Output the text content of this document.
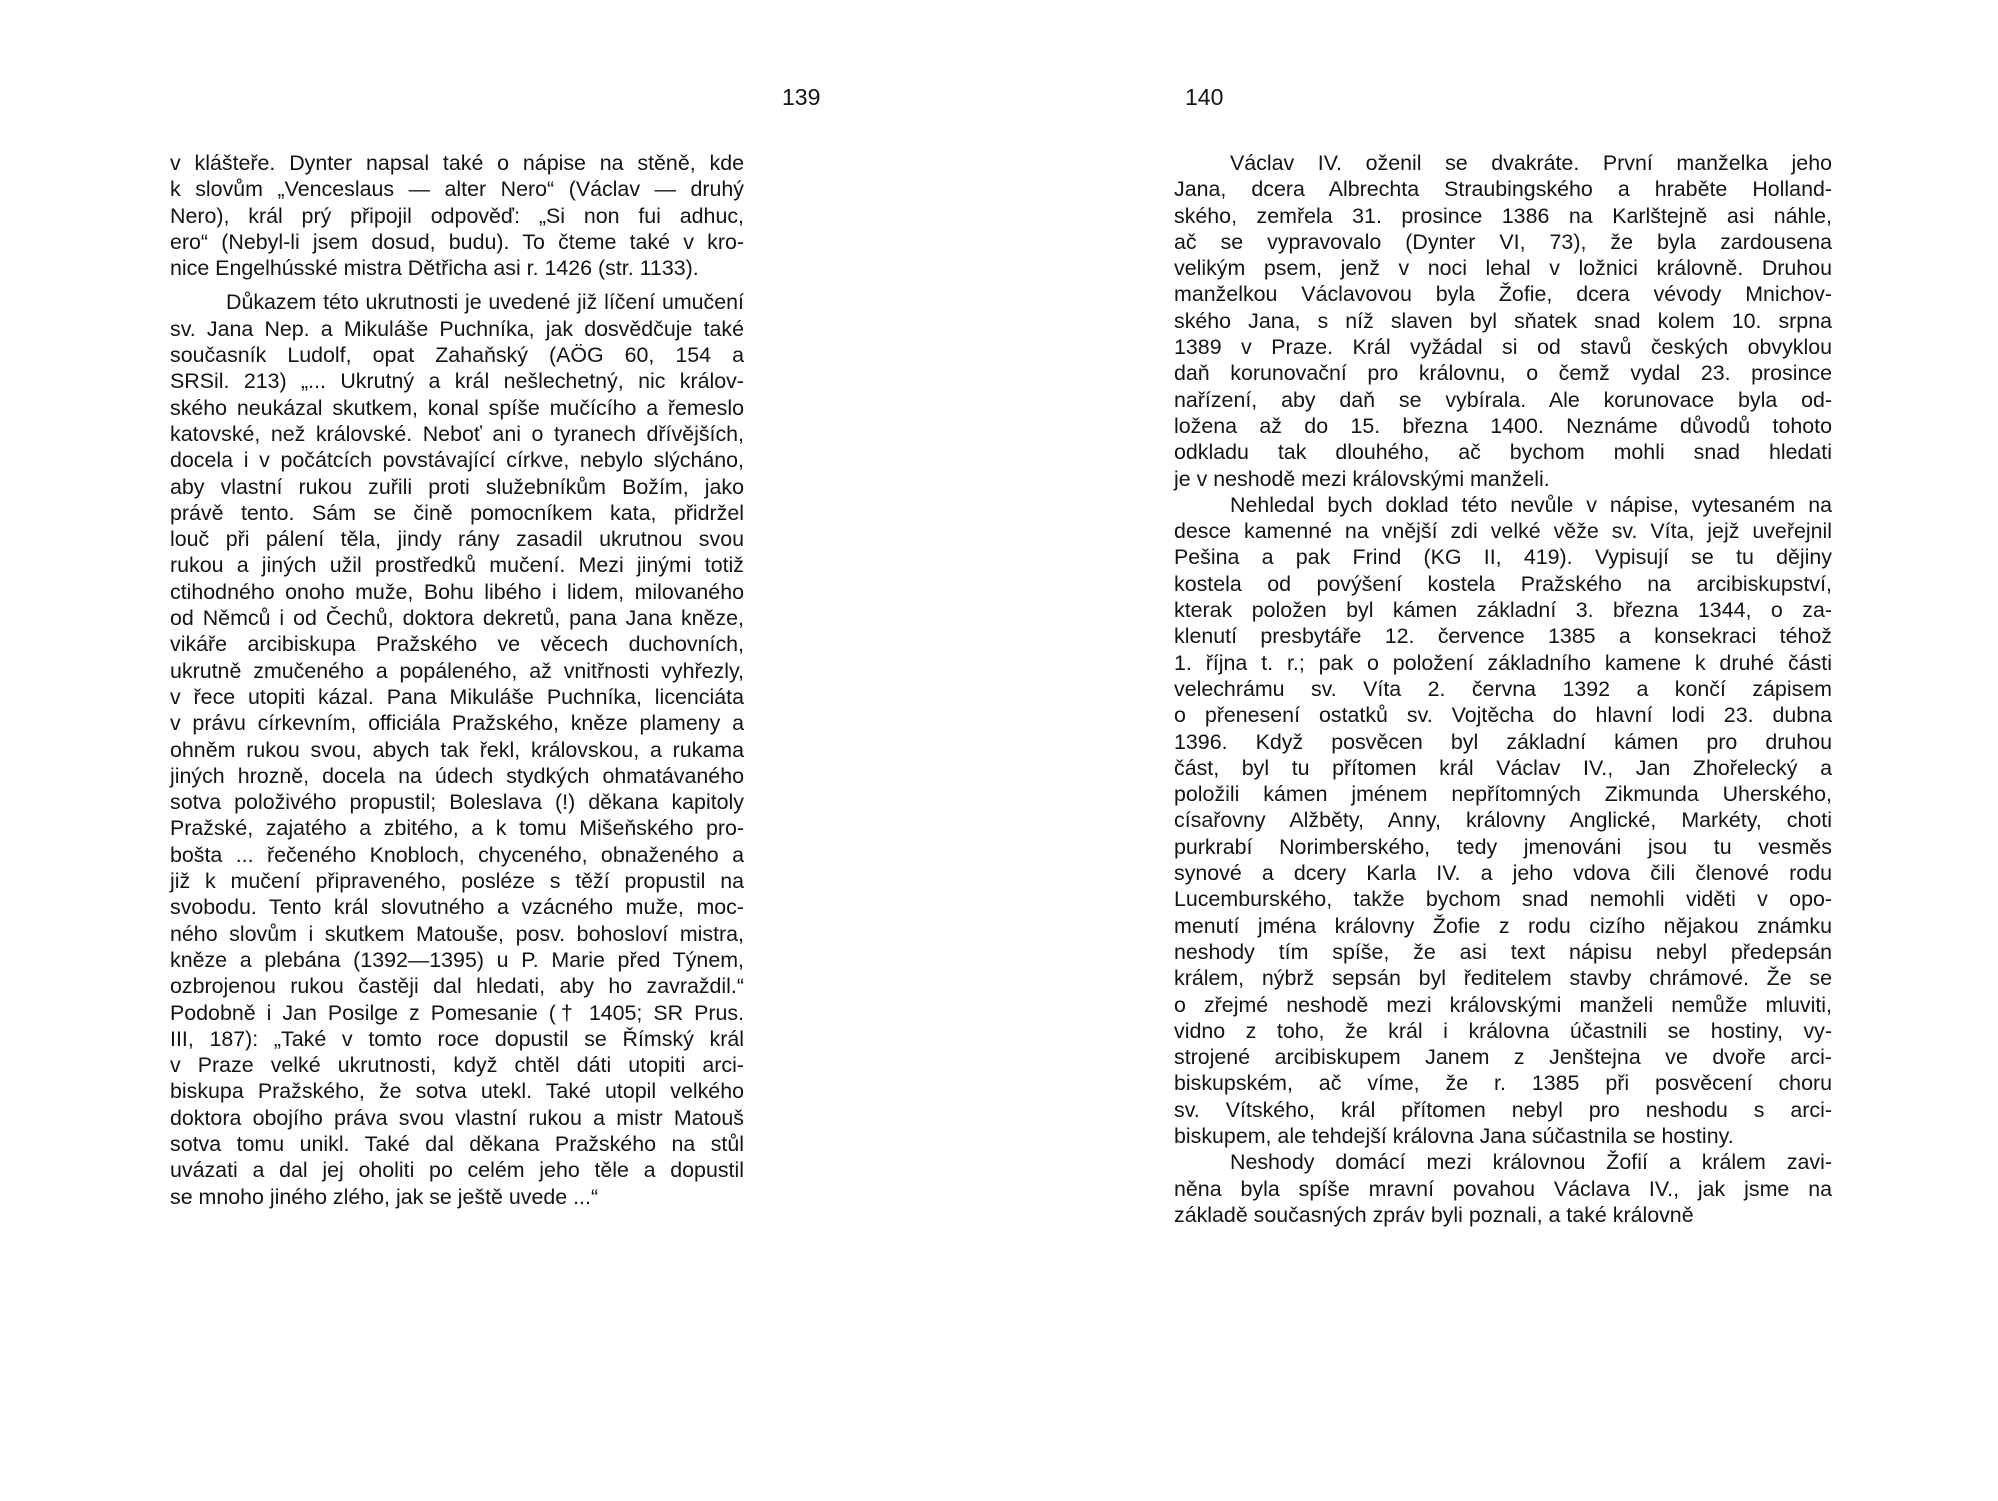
139
v klášteře. Dynter napsal také o nápise na stěně, kde
k slovům „Venceslaus — alter Nero“ (Václav — druhý
Nero), král prý připojil odpověď: „Si non fui adhuc,
ero“ (Nebyl-li jsem dosud, budu). To čteme také v kro-
nice Engelhússké mistra Dětřicha asi r. 1426 (str. 1133).
Důkazem této ukrutnosti je uvedené již líčení umučení
sv. Jana Nep. a Mikuláše Puchníka, jak dosvědčuje také
současník Ludolf, opat Zahaňský (AÖG 60, 154 a
SRSil. 213) „... Ukrutný a král nešlechetný, nic králov-
ského neukázal skutkem, konal spíše mučícího a řemeslo
katovské, než královské. Neboť ani o tyranech dřívějších,
docela i v počátcích povstávající církve, nebylo slýcháno,
aby vlastní rukou zuřili proti služebníkům Božím, jako
právě tento. Sám se čině pomocníkem kata, přidržel
louč při pálení těla, jindy rány zasadil ukrutnou svou
rukou a jiných užil prostředků mučení. Mezi jinými totiž
ctihodného onoho muže, Bohu libého i lidem, milovaného
od Němců i od Čechů, doktora dekretů, pana Jana kněze,
vikáře arcibiskupa Pražského ve věcech duchovních,
ukrutně zmučeného a popáleného, až vnitřnosti vyhřezly,
v řece utopiti kázal. Pana Mikuláše Puchníka, licenciáta
v právu církevním, officiála Pražského, kněze plameny a
ohněm rukou svou, abych tak řekl, královskou, a rukama
jiných hrozně, docela na údech stydkých ohmatávaného
sotva položivého propustil; Boleslava (!) děkana kapitoly
Pražské, zajatého a zbitého, a k tomu Mišeňského pro-
bošta ... řečeného Knobloch, chyceného, obnaženého a
již k mučení připraveného, posléze s těží propustil na
svobodu. Tento král slovutného a vzácného muže, moc-
ného slovům i skutkem Matouše, posv. bohosloví mistra,
kněze a plebána (1392—1395) u P. Marie před Týnem,
ozbrojenou rukou častěji dal hledati, aby ho zavraždil.“
Podobně i Jan Posilge z Pomesanie († 1405; SR Prus.
III, 187): „Také v tomto roce dopustil se Římský král
v Praze velké ukrutnosti, když chtěl dáti utopiti arci-
biskupa Pražského, že sotva utekl. Také utopil velkého
doktora obojího práva svou vlastní rukou a mistr Matouš
sotva tomu unikl. Také dal děkana Pražského na stůl
uvázati a dal jej oholiti po celém jeho těle a dopustil
se mnoho jiného zlého, jak se ještě uvede ...“
140
Václav IV. oženil se dvakráte. První manželka jeho
Jana, dcera Albrechta Straubingského a hraběte Holland-
ského, zemřela 31. prosince 1386 na Karlštejně asi náhle,
ač se vypravovalo (Dynter VI, 73), že byla zardousena
velikým psem, jenž v noci lehal v ložnici královně. Druhou
manželkou Václavovou byla Žofie, dcera vévody Mnichov-
ského Jana, s níž slaven byl sňatek snad kolem 10. srpna
1389 v Praze. Král vyžádal si od stavů českých obvyklou
daň korunovační pro královnu, o čemž vydal 23. prosince
nařízení, aby daň se vybírala. Ale korunovace byla od-
ložena až do 15. března 1400. Neznáme důvodů tohoto
odkladu tak dlouhého, ač bychom mohli snad hledati
je v neshodě mezi královskými manželi.
Nehledal bych doklad této nevůle v nápise, vytesaném na
desce kamenné na vnější zdi velké věže sv. Víta, jejž uveřejnil
Pešina a pak Frind (KG II, 419). Vypisují se tu dějiny
kostela od povýšení kostela Pražského na arcibiskupství,
kterak položen byl kámen základní 3. března 1344, o za-
klenutí presbytáře 12. července 1385 a konsekraci téhož
1. října t. r.; pak o položení základního kamene k druhé části
velechrámu sv. Víta 2. června 1392 a končí zápisem
o přenesení ostatků sv. Vojtěcha do hlavní lodi 23. dubna
1396. Když posvěcen byl základní kámen pro druhou
část, byl tu přítomen král Václav IV., Jan Zhořelecký a
položili kámen jménem nepřítomných Zikmunda Uherského,
císařovny Alžběty, Anny, královny Anglické, Markéty, choti
purkrabí Norimberského, tedy jmenováni jsou tu vesměs
synové a dcery Karla IV. a jeho vdova čili členové rodu
Lucemburského, takže bychom snad nemohli viděti v opo-
menutí jména královny Žofie z rodu cizího nějakou známku
neshody tím spíše, že asi text nápisu nebyl předepsán
králem, nýbrž sepsán byl ředitelem stavby chrámové. Že se
o zřejmé neshodě mezi královskými manželi nemůže mluviti,
vidno z toho, že král i královna účastnili se hostiny, vy-
strojené arcibiskupem Janem z Jenštejna ve dvoře arci-
biskupském, ač víme, že r. 1385 při posvěcení choru
sv. Vítského, král přítomen nebyl pro neshodu s arci-
biskupem, ale tehdejší královna Jana súčastnila se hostiny.
Neshody domácí mezi královnou Žofií a králem zavi-
něna byla spíše mravní povahou Václava IV., jak jsme na
základě současných zpráv byli poznali, a také královně
